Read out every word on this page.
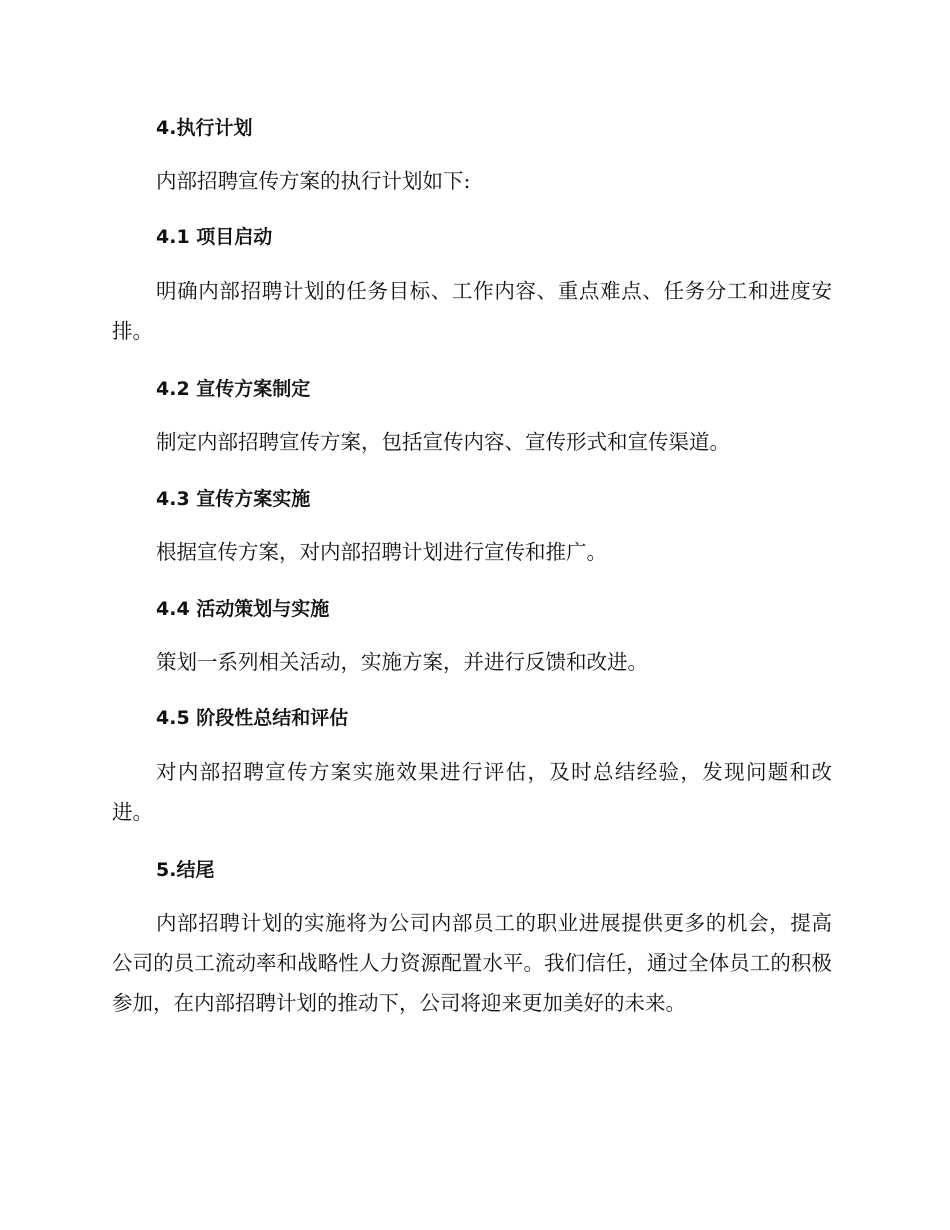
4.执行计划
内部招聘宣传方案的执行计划如下:
4.1 项目启动
明确内部招聘计划的任务目标、工作内容、重点难点、任务分工和进度安排。
4.2 宣传方案制定
制定内部招聘宣传方案，包括宣传内容、宣传形式和宣传渠道。
4.3 宣传方案实施
根据宣传方案，对内部招聘计划进行宣传和推广。
4.4 活动策划与实施
策划一系列相关活动，实施方案，并进行反馈和改进。
4.5 阶段性总结和评估
对内部招聘宣传方案实施效果进行评估，及时总结经验，发现问题和改进。
5.结尾
内部招聘计划的实施将为公司内部员工的职业进展提供更多的机会，提高公司的员工流动率和战略性人力资源配置水平。我们信任，通过全体员工的积极参加，在内部招聘计划的推动下，公司将迎来更加美好的未来。
